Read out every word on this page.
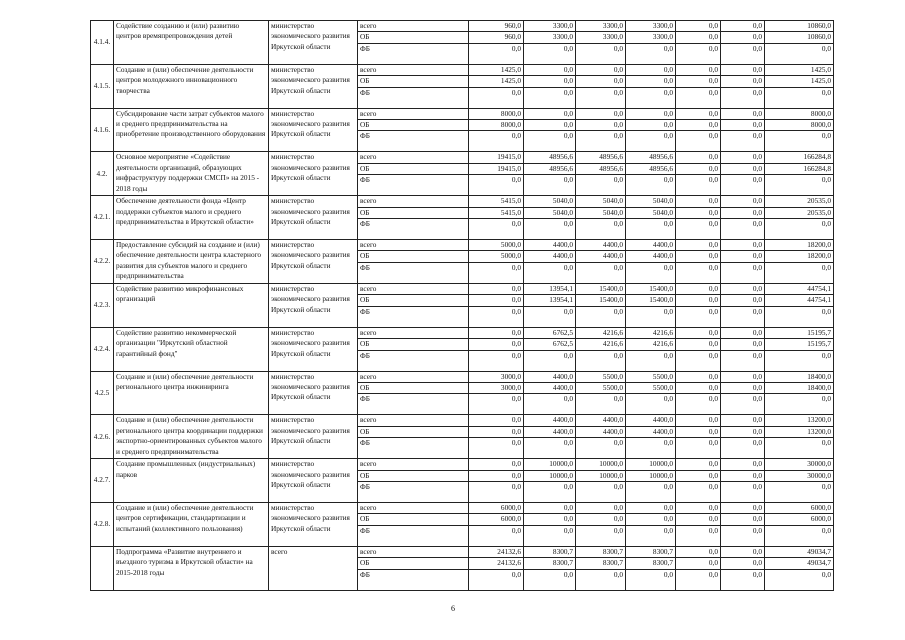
4.1.4.	Содействие созданию и (или) развитию центров времяпрепровождения детей	министерство экономического развития Иркутской области	всего	960,0	3300,0	3300,0	3300,0	0,0	0,0	10860,0
			ОБ	960,0	3300,0	3300,0	3300,0	0,0	0,0	10860,0
			ФБ	0,0	0,0	0,0	0,0	0,0	0,0	0,0
4.1.5.	Создание и (или) обеспечение деятельности центров молодежного инновационного творчества	министерство экономического развития Иркутской области	всего	1425,0	0,0	0,0	0,0	0,0	0,0	1425,0
			ОБ	1425,0	0,0	0,0	0,0	0,0	0,0	1425,0
			ФБ	0,0	0,0	0,0	0,0	0,0	0,0	0,0
4.1.6.	Субсидирование части затрат субъектов малого и среднего предпринимательства на приобретение производственного оборудования	министерство экономического развития Иркутской области	всего	8000,0	0,0	0,0	0,0	0,0	0,0	8000,0
			ОБ	8000,0	0,0	0,0	0,0	0,0	0,0	8000,0
			ФБ	0,0	0,0	0,0	0,0	0,0	0,0	0,0
4.2.	Основное мероприятие «Содействие деятельности организаций, образующих инфраструктуру поддержки СМСП» на 2015 - 2018 годы	министерство экономического развития Иркутской области	всего	19415,0	48956,6	48956,6	48956,6	0,0	0,0	166284,8
			ОБ	19415,0	48956,6	48956,6	48956,6	0,0	0,0	166284,8
			ФБ	0,0	0,0	0,0	0,0	0,0	0,0	0,0
4.2.1.	Обеспечение деятельности фонда «Центр поддержки субъектов малого и среднего предпринимательства в Иркутской области»	министерство экономического развития Иркутской области	всего	5415,0	5040,0	5040,0	5040,0	0,0	0,0	20535,0
			ОБ	5415,0	5040,0	5040,0	5040,0	0,0	0,0	20535,0
			ФБ	0,0	0,0	0,0	0,0	0,0	0,0	0,0
4.2.2.	Предоставление субсидий на создание и (или) обеспечение деятельности центра кластерного развития для субъектов малого и среднего предпринимательства	министерство экономического развития Иркутской области	всего	5000,0	4400,0	4400,0	4400,0	0,0	0,0	18200,0
			ОБ	5000,0	4400,0	4400,0	4400,0	0,0	0,0	18200,0
			ФБ	0,0	0,0	0,0	0,0	0,0	0,0	0,0
4.2.3.	Содействие развитию микрофинансовых организаций	министерство экономического развития Иркутской области	всего	0,0	13954,1	15400,0	15400,0	0,0	0,0	44754,1
			ОБ	0,0	13954,1	15400,0	15400,0	0,0	0,0	44754,1
			ФБ	0,0	0,0	0,0	0,0	0,0	0,0	0,0
4.2.4.	Содействие развитию некоммерческой организации "Иркутский областной гарантийный фонд"	министерство экономического развития Иркутской области	всего	0,0	6762,5	4216,6	4216,6	0,0	0,0	15195,7
			ОБ	0,0	6762,5	4216,6	4216,6	0,0	0,0	15195,7
			ФБ	0,0	0,0	0,0	0,0	0,0	0,0	0,0
4.2.5	Создание и (или) обеспечение деятельности регионального центра инжиниринга	министерство экономического развития Иркутской области	всего	3000,0	4400,0	5500,0	5500,0	0,0	0,0	18400,0
			ОБ	3000,0	4400,0	5500,0	5500,0	0,0	0,0	18400,0
			ФБ	0,0	0,0	0,0	0,0	0,0	0,0	0,0
4.2.6.	Создание и (или) обеспечение деятельности регионального центра координации поддержки экспортно-ориентированных субъектов малого и среднего предпринимательства	министерство экономического развития Иркутской области	всего	0,0	4400,0	4400,0	4400,0	0,0	0,0	13200,0
			ОБ	0,0	4400,0	4400,0	4400,0	0,0	0,0	13200,0
			ФБ	0,0	0,0	0,0	0,0	0,0	0,0	0,0
4.2.7.	Создание промышленных (индустриальных) парков	министерство экономического развития Иркутской области	всего	0,0	10000,0	10000,0	10000,0	0,0	0,0	30000,0
			ОБ	0,0	10000,0	10000,0	10000,0	0,0	0,0	30000,0
			ФБ	0,0	0,0	0,0	0,0	0,0	0,0	0,0
4.2.8.	Создание и (или) обеспечение деятельности центров сертификации, стандартизации и испытаний (коллективного пользования)	министерство экономического развития Иркутской области	всего	6000,0	0,0	0,0	0,0	0,0	0,0	6000,0
			ОБ	6000,0	0,0	0,0	0,0	0,0	0,0	6000,0
			ФБ	0,0	0,0	0,0	0,0	0,0	0,0	0,0
	Подпрограмма «Развитие внутреннего и въездного туризма в Иркутской области» на 2015-2018 годы	всего	всего	24132,6	8300,7	8300,7	8300,7	0,0	0,0	49034,7
			ОБ	24132,6	8300,7	8300,7	8300,7	0,0	0,0	49034,7
			ФБ	0,0	0,0	0,0	0,0	0,0	0,0	0,0
6
